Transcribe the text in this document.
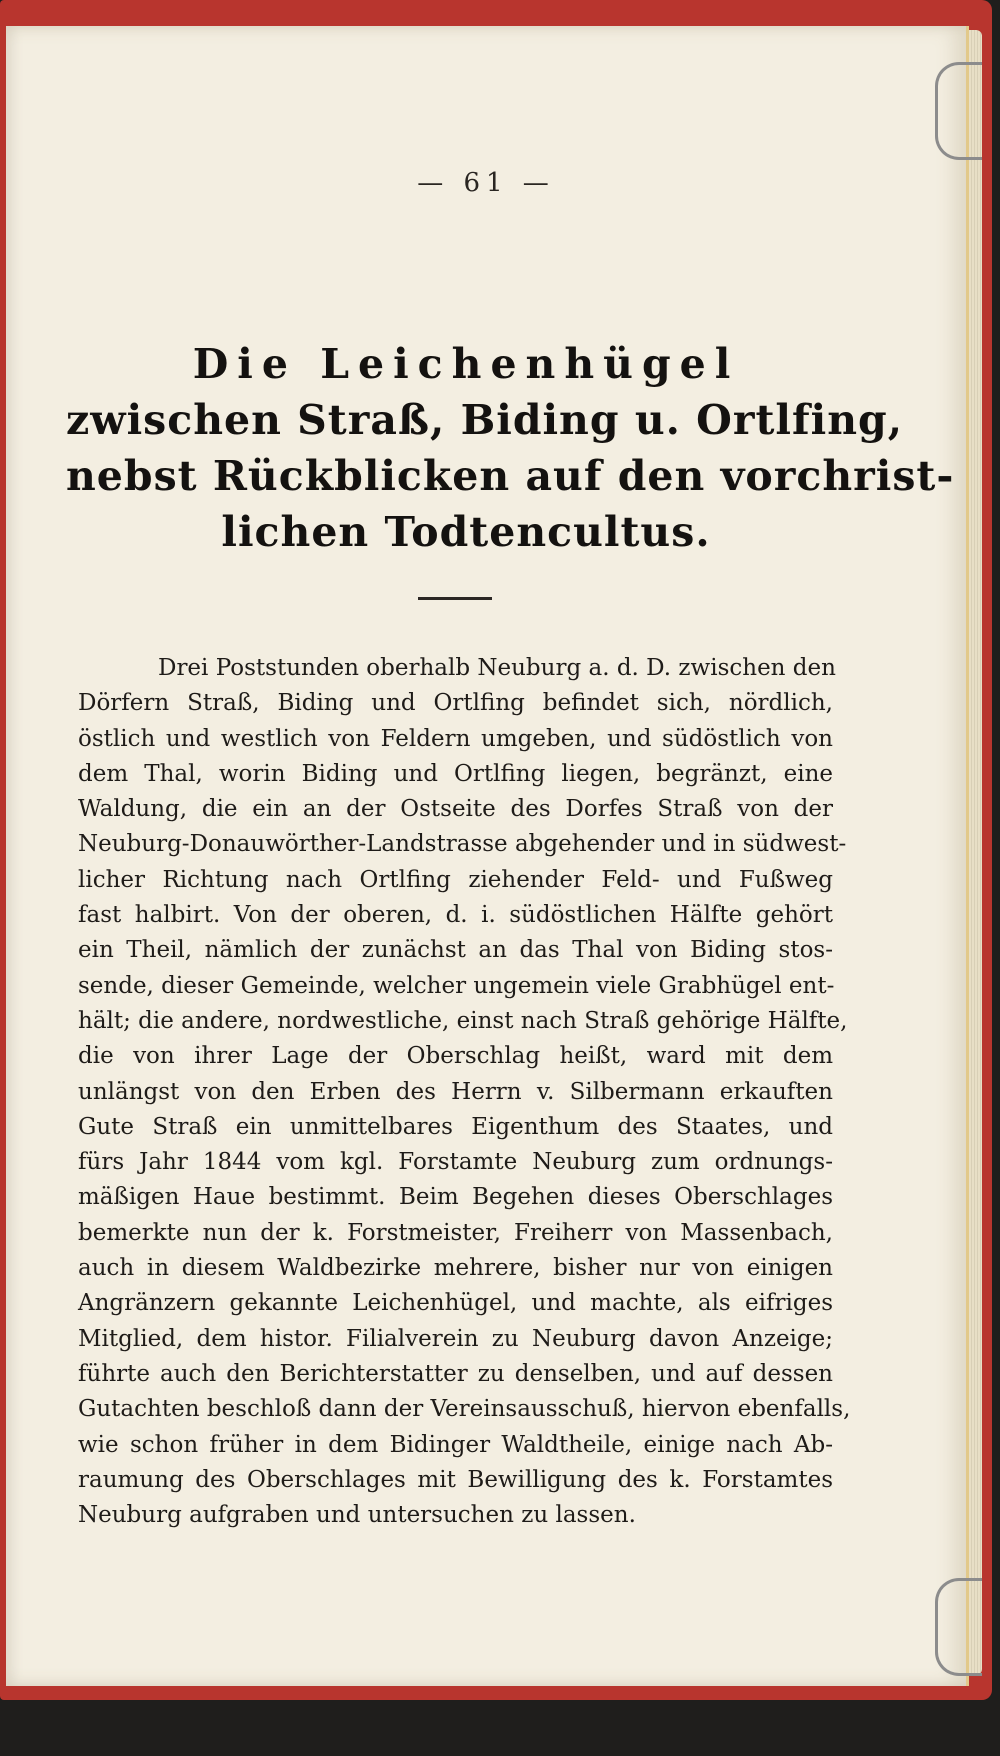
— 61 —
Die Leichenhügel
zwischen Straß, Biding u. Ortlfing,
nebst Rückblicken auf den vorchrist-
lichen Todtencultus.
Drei Poststunden oberhalb Neuburg a. d. D. zwischen den
Dörfern Straß, Biding und Ortlfing befindet sich, nördlich,
östlich und westlich von Feldern umgeben, und südöstlich von
dem Thal, worin Biding und Ortlfing liegen, begränzt, eine
Waldung, die ein an der Ostseite des Dorfes Straß von der
Neuburg-Donauwörther-Landstrasse abgehender und in südwest-
licher Richtung nach Ortlfing ziehender Feld- und Fußweg
fast halbirt. Von der oberen, d. i. südöstlichen Hälfte gehört
ein Theil, nämlich der zunächst an das Thal von Biding stos-
sende, dieser Gemeinde, welcher ungemein viele Grabhügel ent-
hält; die andere, nordwestliche, einst nach Straß gehörige Hälfte,
die von ihrer Lage der Oberschlag heißt, ward mit dem
unlängst von den Erben des Herrn v. Silbermann erkauften
Gute Straß ein unmittelbares Eigenthum des Staates, und
fürs Jahr 1844 vom kgl. Forstamte Neuburg zum ordnungs-
mäßigen Haue bestimmt. Beim Begehen dieses Oberschlages
bemerkte nun der k. Forstmeister, Freiherr von Massenbach,
auch in diesem Waldbezirke mehrere, bisher nur von einigen
Angränzern gekannte Leichenhügel, und machte, als eifriges
Mitglied, dem histor. Filialverein zu Neuburg davon Anzeige;
führte auch den Berichterstatter zu denselben, und auf dessen
Gutachten beschloß dann der Vereinsausschuß, hiervon ebenfalls,
wie schon früher in dem Bidinger Waldtheile, einige nach Ab-
raumung des Oberschlages mit Bewilligung des k. Forstamtes
Neuburg aufgraben und untersuchen zu lassen.
